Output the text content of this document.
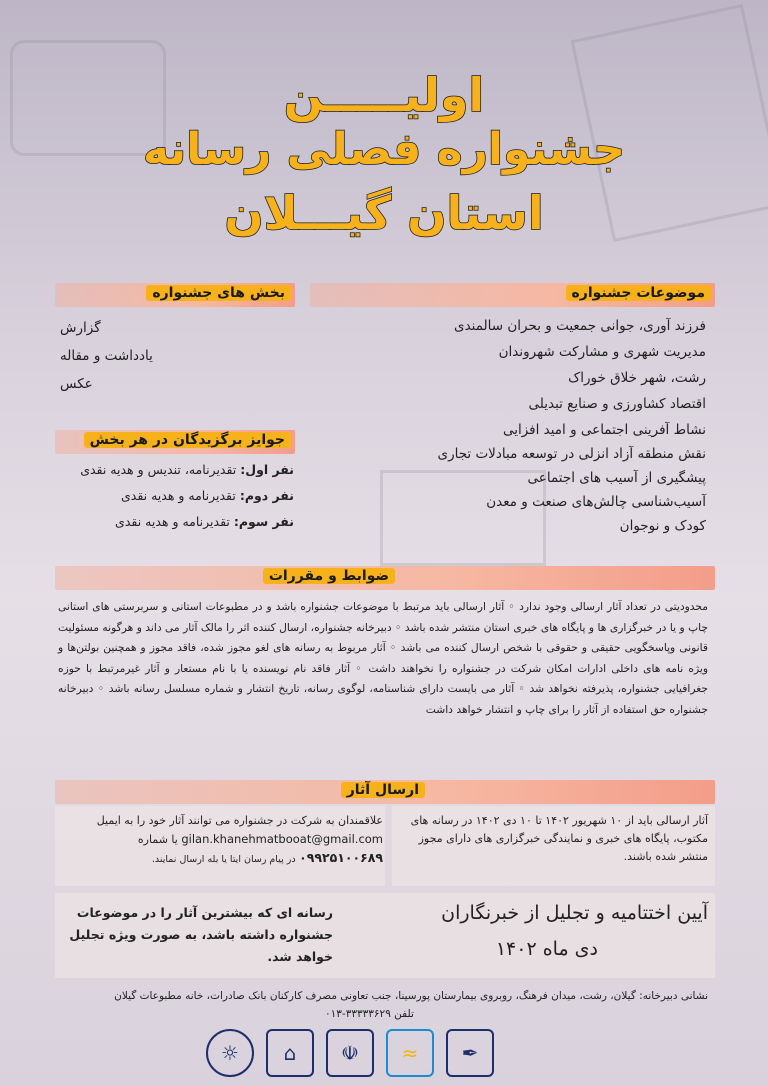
اولیـــــن
جشنواره فصلی رسانه
استان گیـــلان
موضوعات جشنواره
فرزند آوری، جوانی جمعیت و بحران سالمندی
مدیریت شهری و مشارکت شهروندان
رشت، شهر خلاق خوراک
اقتصاد کشاورزی و صنایع تبدیلی
نشاط آفرینی اجتماعی و امید افزایی
نقش منطقه آزاد انزلی در توسعه مبادلات تجاری
پیشگیری از آسیب های اجتماعی
آسیب‌شناسی چالش‌های صنعت و معدن
کودک و نوجوان
بخش های جشنواره
گزارش
یادداشت و مقاله
عکس
جوایز برگزیدگان در هر بخش
نفر اول: تقدیرنامه، تندیس و هدیه نقدی
نفر دوم: تقدیرنامه و هدیه نقدی
نفر سوم: تقدیرنامه و هدیه نقدی
ضوابط و مقررات
محدودیتی در تعداد آثار ارسالی وجود ندارد ◦ آثار ارسالی باید مرتبط با موضوعات جشنواره باشد و در مطبوعات استانی و سربرستی های استانی چاپ و یا در خبرگزاری ها و پایگاه های خبری استان منتشر شده باشد ◦ دبیرخانه جشنواره، ارسال کننده اثر را مالک آثار می داند و هرگونه مسئولیت قانونی وپاسخگویی حقیقی و حقوقی با شخص ارسال کننده می باشد ◦ آثار مربوط به رسانه های لغو مجوز شده، فاقد مجوز و همچنین بولتن‌ها و ویژه نامه های داخلی ادارات امکان شرکت در جشنواره را نخواهند داشت ◦ آثار فاقد نام نویسنده یا با نام مستعار و آثار غیرمرتبط با حوزه جغرافیایی جشنواره، پذیرفته نخواهد شد ◦ آثار می بایست دارای شناسنامه، لوگوی رسانه، تاریخ انتشار و شماره مسلسل رسانه باشد ◦ دبیرخانه جشنواره حق استفاده از آثار را برای چاپ و انتشار خواهد داشت
ارسال آثار
آثار ارسالی باید از ۱۰ شهریور ۱۴۰۲ تا ۱۰ دی ۱۴۰۲ در رسانه های مکتوب، پایگاه های خبری و نمایندگی خبرگزاری های دارای مجوز منتشر شده باشند.
علاقمندان به شرکت در جشنواره می توانند آثار خود را به ایمیل gilan.khanehmatbooat@gmail.com یا شماره ۰۹۹۲۵۱۰۰۶۸۹ در پیام رسان ایتا یا بله ارسال نمایند.
رسانه ای که بیشترین آثار را در موضوعات جشنواره داشته باشد، به صورت ویژه تجلیل خواهد شد.
آیین اختتامیه و تجلیل از خبرنگاران
دی ماه ۱۴۰۲
نشانی دبیرخانه: گیلان، رشت، میدان فرهنگ، روبروی بیمارستان پورسینا، جنب تعاونی مصرف کارکنان بانک صادرات، خانه مطبوعات گیلان
تلفن ۳۳۳۳۳۶۲۹-۰۱۳
✒
≈
☫
⌂
☼
